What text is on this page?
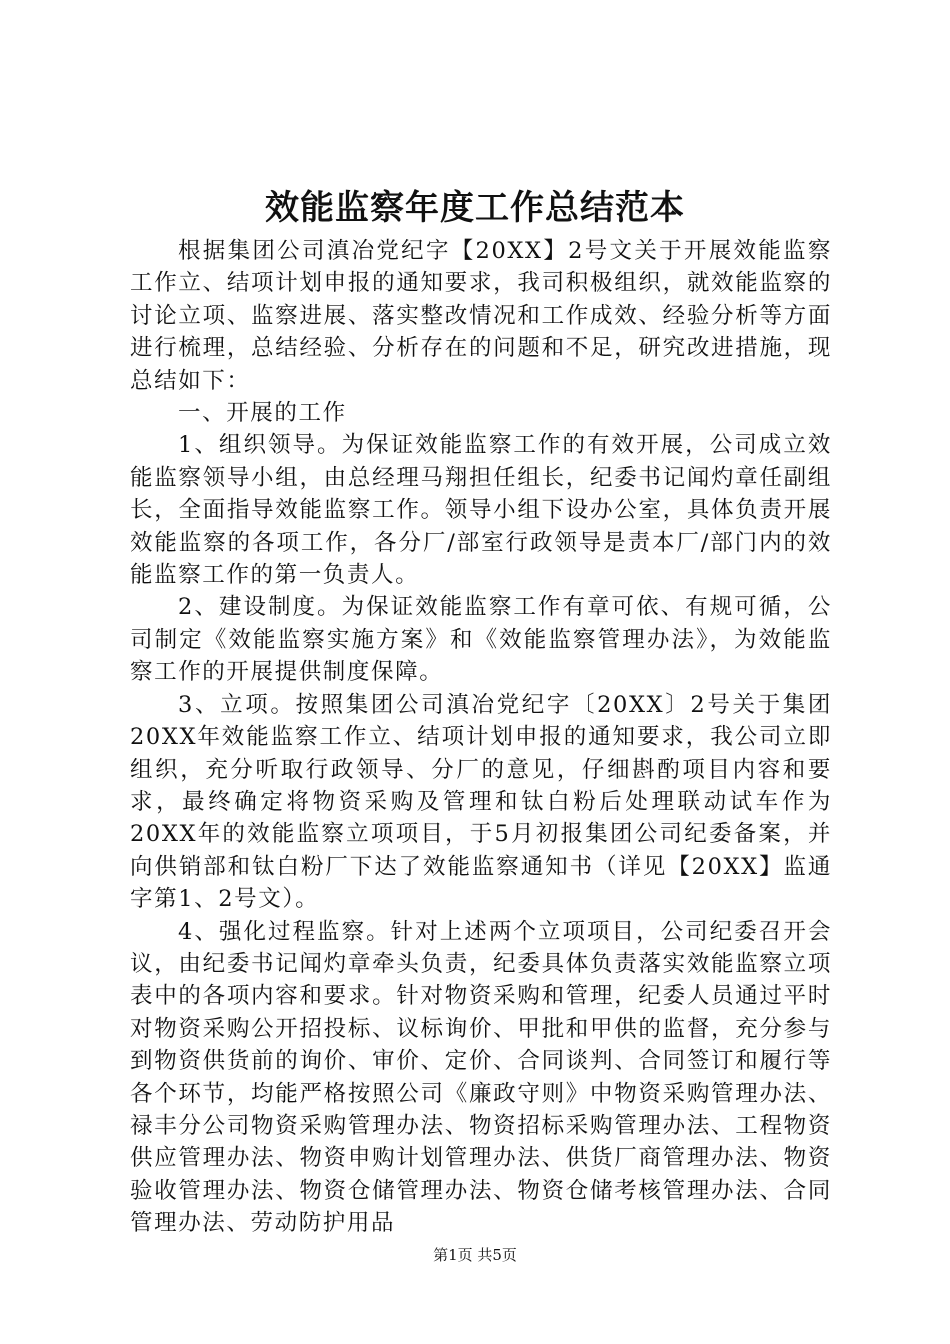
效能监察年度工作总结范本

根据集团公司滇冶党纪字【20XX】2号文关于开展效能监察工作立、结项计划申报的通知要求，我司积极组织，就效能监察的讨论立项、监察进展、落实整改情况和工作成效、经验分析等方面进行梳理，总结经验、分析存在的问题和不足，研究改进措施，现总结如下：

一、开展的工作

1、组织领导。为保证效能监察工作的有效开展，公司成立效能监察领导小组，由总经理马翔担任组长，纪委书记闻灼章任副组长，全面指导效能监察工作。领导小组下设办公室，具体负责开展效能监察的各项工作，各分厂/部室行政领导是责本厂/部门内的效能监察工作的第一负责人。

2、建设制度。为保证效能监察工作有章可依、有规可循，公司制定《效能监察实施方案》和《效能监察管理办法》，为效能监察工作的开展提供制度保障。

3、立项。按照集团公司滇冶党纪字〔20XX〕2号关于集团20XX年效能监察工作立、结项计划申报的通知要求，我公司立即组织，充分听取行政领导、分厂的意见，仔细斟酌项目内容和要求，最终确定将物资采购及管理和钛白粉后处理联动试车作为20XX年的效能监察立项项目，于5月初报集团公司纪委备案，并向供销部和钛白粉厂下达了效能监察通知书（详见【20XX】监通字第1、2号文）。

4、强化过程监察。针对上述两个立项项目，公司纪委召开会议，由纪委书记闻灼章牵头负责，纪委具体负责落实效能监察立项表中的各项内容和要求。针对物资采购和管理，纪委人员通过平时对物资采购公开招投标、议标询价、甲批和甲供的监督，充分参与到物资供货前的询价、审价、定价、合同谈判、合同签订和履行等各个环节，均能严格按照公司《廉政守则》中物资采购管理办法、禄丰分公司物资采购管理办法、物资招标采购管理办法、工程物资供应管理办法、物资申购计划管理办法、供货厂商管理办法、物资验收管理办法、物资仓储管理办法、物资仓储考核管理办法、合同管理办法、劳动防护用品

第1页 共5页
